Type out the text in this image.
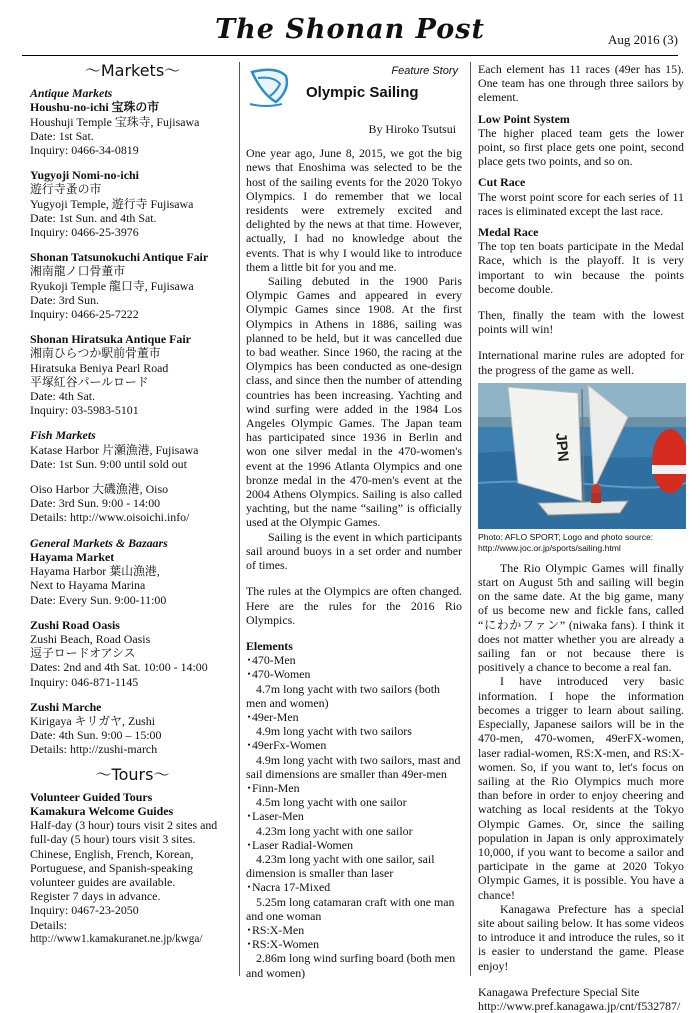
The Shonan Post	Aug 2016 (3)
～Markets～

Antique Markets

Houshu-no-ichi 宝珠の市
Houshuji Temple 宝珠寺, Fujisawa
Date: 1st Sat.
Inquiry: 0466-34-0819
Yugyoji Nomi-no-ichi
遊行寺蚤の市
Yugyoji Temple, 遊行寺 Fujisawa
Date: 1st Sun. and 4th Sat.
Inquiry: 0466-25-3976
Shonan Tatsunokuchi Antique Fair
湘南龍ノ口骨董市
Ryukoji Temple 龍口寺, Fujisawa
Date: 3rd Sun.
Inquiry: 0466-25-7222
Shonan Hiratsuka Antique Fair
湘南ひらつか駅前骨董市
Hiratsuka Beniya Pearl Road
平塚紅谷パールロード
Date: 4th Sat.
Inquiry: 03-5983-5101

Fish Markets

Katase Harbor 片瀬漁港, Fujisawa
Date: 1st Sun. 9:00 until sold out
Oiso Harbor 大磯漁港, Oiso
Date: 3rd Sun. 9:00 - 14:00
Details: http://www.oisoichi.info/

General Markets & Bazaars

Hayama Market
Hayama Harbor 葉山漁港,
Next to Hayama Marina
Date: Every Sun. 9:00-11:00
Zushi Road Oasis
Zushi Beach, Road Oasis
逗子ロードオアシス
Dates: 2nd and 4th Sat. 10:00 - 14:00
Inquiry: 046-871-1145
Zushi Marche
Kirigaya キリガヤ, Zushi
Date: 4th Sun. 9:00 – 15:00
Details: http://zushi-march
～Tours～

Volunteer Guided Tours

Kamakura Welcome Guides

Half-day (3 hour) tours visit 2 sites and
full-day (5 hour) tours visit 3 sites.
Chinese, English, French, Korean,
Portuguese, and Spanish-speaking
volunteer guides are available.
Register 7 days in advance.
Inquiry: 0467-23-2050
Details:
http://www1.kamakuranet.ne.jp/kwga/
Feature Story
Olympic Sailing

By Hiroko Tsutsui

One year ago, June 8, 2015, we got the big news that Enoshima was selected to be the host of the sailing events for the 2020 Tokyo Olympics. I do remember that we local residents were extremely excited and delighted by the news at that time. However, actually, I had no knowledge about the events. That is why I would like to introduce them a little bit for you and me.

Sailing debuted in the 1900 Paris Olympic Games and appeared in every Olympic Games since 1908. At the first Olympics in Athens in 1886, sailing was planned to be held, but it was cancelled due to bad weather. Since 1960, the racing at the Olympics has been conducted as one-design class, and since then the number of attending countries has been increasing. Yachting and wind surfing were added in the 1984 Los Angeles Olympic Games. The Japan team has participated since 1936 in Berlin and won one silver medal in the 470-women's event at the 1996 Atlanta Olympics and one bronze medal in the 470-men's event at the 2004 Athens Olympics. Sailing is also called yachting, but the name “sailing” is officially used at the Olympic Games.

Sailing is the event in which participants sail around buoys in a set order and number of times.

The rules at the Olympics are often changed. Here are the rules for the 2016 Rio Olympics.

Elements

･470-Men

･470-Women

4.7m long yacht with two sailors (both men and women)

･49er-Men

4.9m long yacht with two sailors

･49erFx-Women

4.9m long yacht with two sailors, mast and sail dimensions are smaller than 49er-men

･Finn-Men

4.5m long yacht with one sailor

･Laser-Men

4.23m long yacht with one sailor

･Laser Radial-Women

4.23m long yacht with one sailor, sail dimension is smaller than laser

･Nacra 17-Mixed

5.25m long catamaran craft with one man and one woman

･RS:X-Men

･RS:X-Women

2.86m long wind surfing board (both men and women)

Each element has 11 races (49er has 15). One team has one through three sailors by element.

Low Point System

The higher placed team gets the lower point, so first place gets one point, second place gets two points, and so on.

Cut Race

The worst point score for each series of 11 races is eliminated except the last race.

Medal Race

The top ten boats participate in the Medal Race, which is the playoff. It is very important to win because the points become double.

Then, finally the team with the lowest points will win!

International marine rules are adopted for the progress of the game as well.

JPN

Photo: AFLO SPORT; Logo and photo source: http://www.joc.or.jp/sports/sailing.html

The Rio Olympic Games will finally start on August 5th and sailing will begin on the same date. At the big game, many of us become new and fickle fans, called “にわかファン” (niwaka fans). I think it does not matter whether you are already a sailing fan or not because there is positively a chance to become a real fan.

I have introduced very basic information. I hope the information becomes a trigger to learn about sailing. Especially, Japanese sailors will be in the 470-men, 470-women, 49erFX-women, laser radial-women, RS:X-men, and RS:X-women. So, if you want to, let's focus on sailing at the Rio Olympics much more than before in order to enjoy cheering and watching as local residents at the Tokyo Olympic Games. Or, since the sailing population in Japan is only approximately 10,000, if you want to become a sailor and participate in the game at 2020 Tokyo Olympic Games, it is possible. You have a chance!

Kanagawa Prefecture has a special site about sailing below. It has some videos to introduce it and introduce the rules, so it is easier to understand the game. Please enjoy!

Kanagawa Prefecture Special Site

http://www.pref.kanagawa.jp/cnt/f532787/
